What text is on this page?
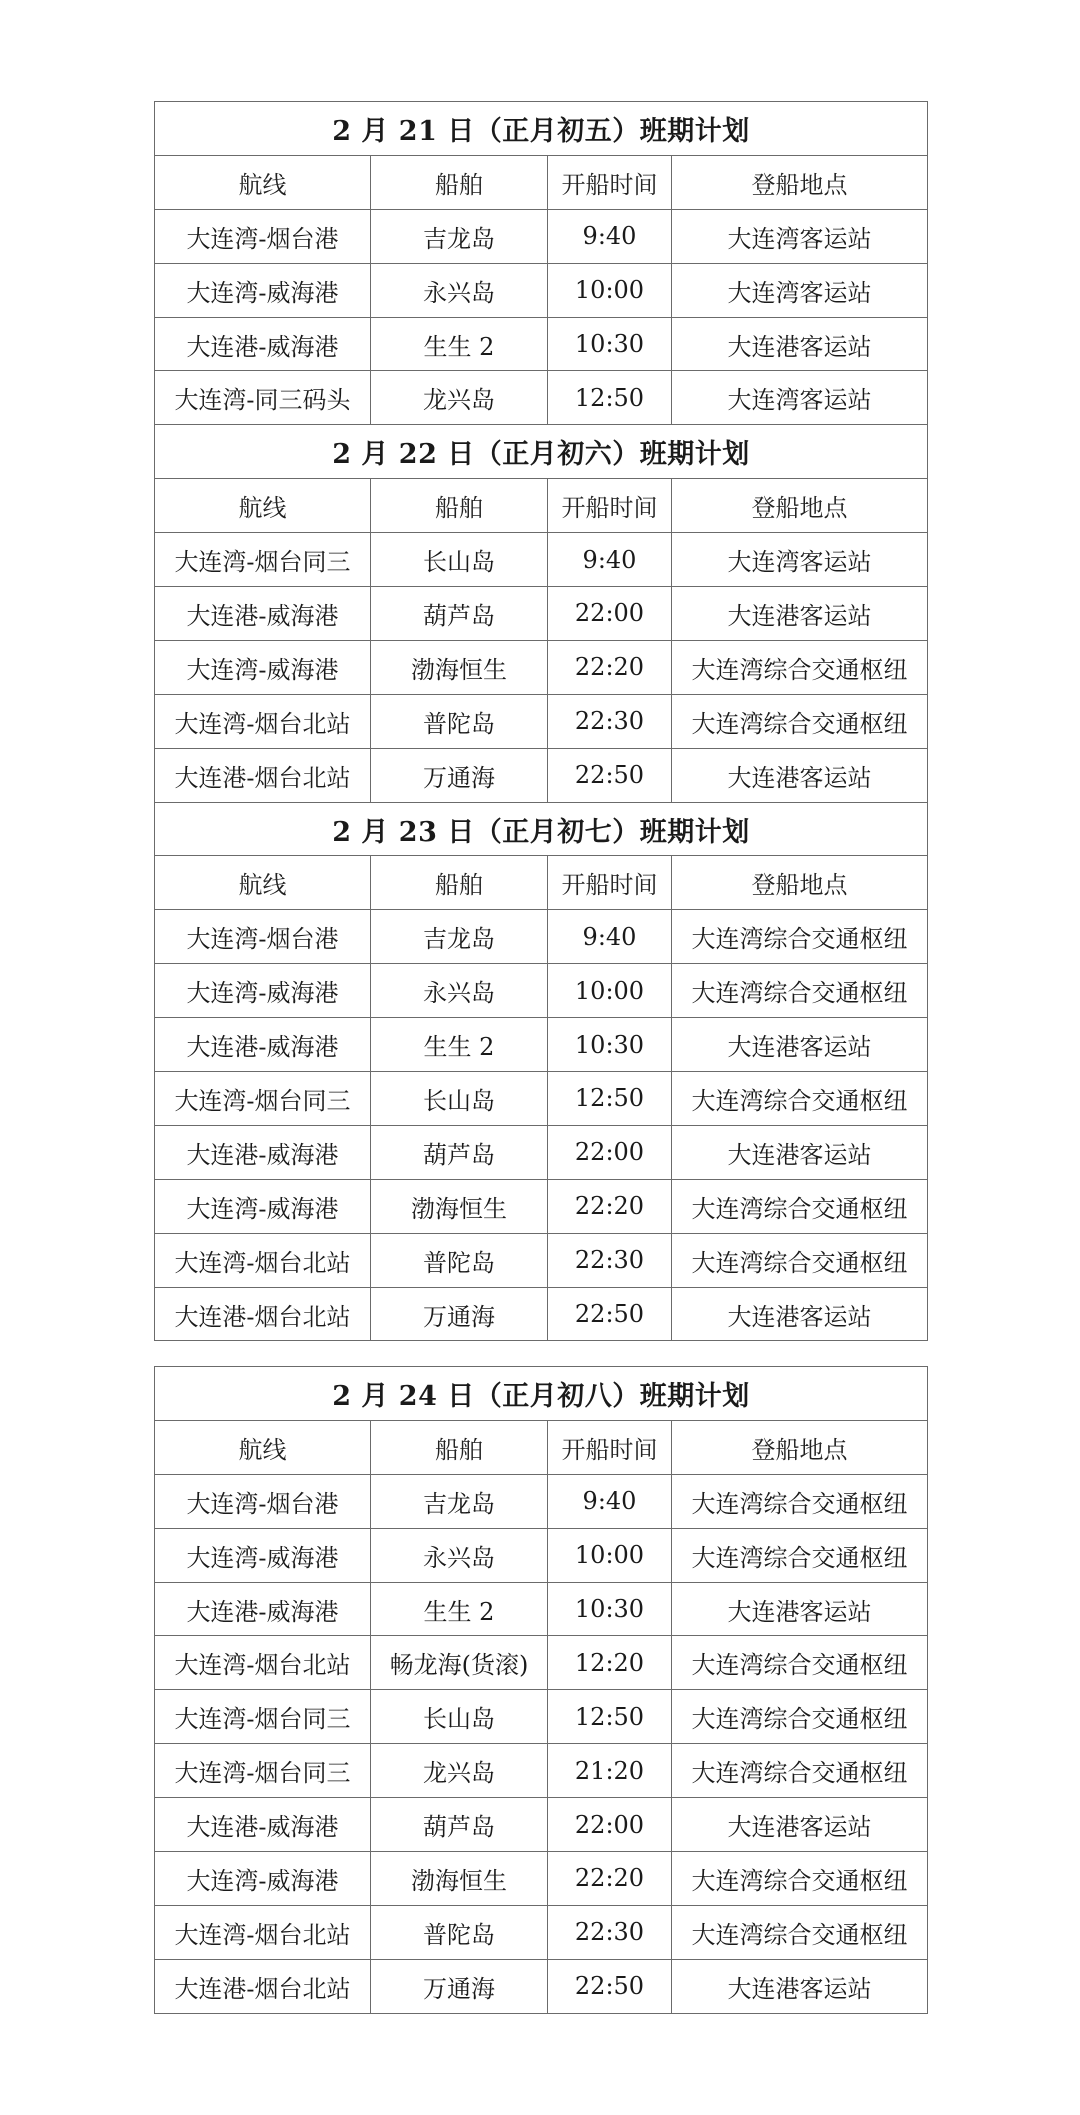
2 月 21 日（正月初五）班期计划			
航线	船舶	开船时间	登船地点
大连湾-烟台港	吉龙岛	9:40	大连湾客运站
大连湾-威海港	永兴岛	10:00	大连湾客运站
大连港-威海港	生生 2	10:30	大连港客运站
大连湾-同三码头	龙兴岛	12:50	大连湾客运站
2 月 22 日（正月初六）班期计划			
航线	船舶	开船时间	登船地点
大连湾-烟台同三	长山岛	9:40	大连湾客运站
大连港-威海港	葫芦岛	22:00	大连港客运站
大连湾-威海港	渤海恒生	22:20	大连湾综合交通枢纽
大连湾-烟台北站	普陀岛	22:30	大连湾综合交通枢纽
大连港-烟台北站	万通海	22:50	大连港客运站
2 月 23 日（正月初七）班期计划			
航线	船舶	开船时间	登船地点
大连湾-烟台港	吉龙岛	9:40	大连湾综合交通枢纽
大连湾-威海港	永兴岛	10:00	大连湾综合交通枢纽
大连港-威海港	生生 2	10:30	大连港客运站
大连湾-烟台同三	长山岛	12:50	大连湾综合交通枢纽
大连港-威海港	葫芦岛	22:00	大连港客运站
大连湾-威海港	渤海恒生	22:20	大连湾综合交通枢纽
大连湾-烟台北站	普陀岛	22:30	大连湾综合交通枢纽
大连港-烟台北站	万通海	22:50	大连港客运站
2 月 24 日（正月初八）班期计划			
航线	船舶	开船时间	登船地点
大连湾-烟台港	吉龙岛	9:40	大连湾综合交通枢纽
大连湾-威海港	永兴岛	10:00	大连湾综合交通枢纽
大连港-威海港	生生 2	10:30	大连港客运站
大连湾-烟台北站	畅龙海(货滚)	12:20	大连湾综合交通枢纽
大连湾-烟台同三	长山岛	12:50	大连湾综合交通枢纽
大连湾-烟台同三	龙兴岛	21:20	大连湾综合交通枢纽
大连港-威海港	葫芦岛	22:00	大连港客运站
大连湾-威海港	渤海恒生	22:20	大连湾综合交通枢纽
大连湾-烟台北站	普陀岛	22:30	大连湾综合交通枢纽
大连港-烟台北站	万通海	22:50	大连港客运站
